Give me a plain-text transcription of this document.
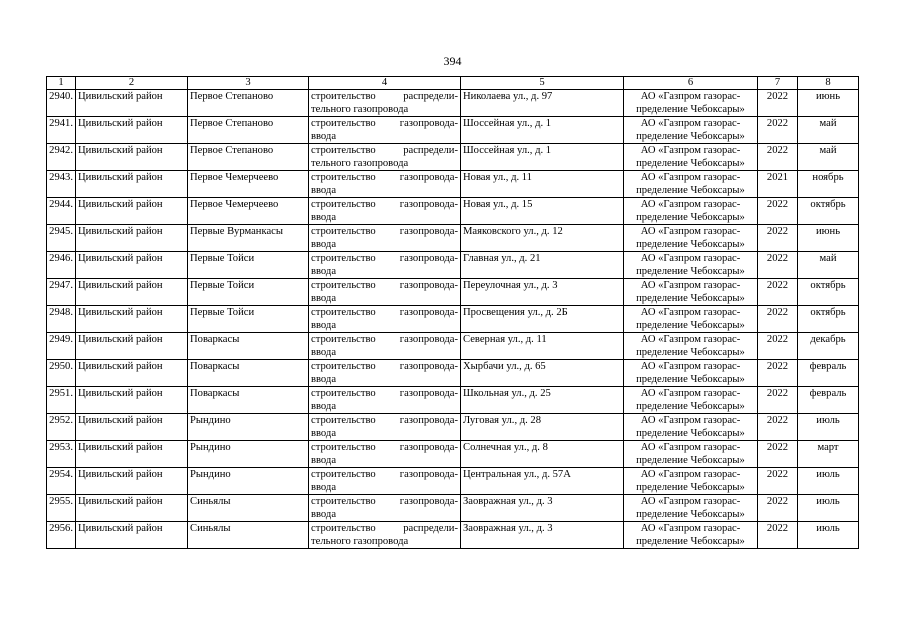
394
1	2	3	4	5	6	7	8
2940.	Цивильский район	Первое Степаново	строительство распредели-
тельного газопровода	Николаева ул., д. 97	АО «Газпром газорас-
пределение Чебоксары»	2022	июнь
2941.	Цивильский район	Первое Степаново	строительство газопровода-
ввода	Шоссейная ул., д. 1	АО «Газпром газорас-
пределение Чебоксары»	2022	май
2942.	Цивильский район	Первое Степаново	строительство распредели-
тельного газопровода	Шоссейная ул., д. 1	АО «Газпром газорас-
пределение Чебоксары»	2022	май
2943.	Цивильский район	Первое Чемерчеево	строительство газопровода-
ввода	Новая ул., д. 11	АО «Газпром газорас-
пределение Чебоксары»	2021	ноябрь
2944.	Цивильский район	Первое Чемерчеево	строительство газопровода-
ввода	Новая ул., д. 15	АО «Газпром газорас-
пределение Чебоксары»	2022	октябрь
2945.	Цивильский район	Первые Вурманкасы	строительство газопровода-
ввода	Маяковского ул., д. 12	АО «Газпром газорас-
пределение Чебоксары»	2022	июнь
2946.	Цивильский район	Первые Тойси	строительство газопровода-
ввода	Главная ул., д. 21	АО «Газпром газорас-
пределение Чебоксары»	2022	май
2947.	Цивильский район	Первые Тойси	строительство газопровода-
ввода	Переулочная ул., д. 3	АО «Газпром газорас-
пределение Чебоксары»	2022	октябрь
2948.	Цивильский район	Первые Тойси	строительство газопровода-
ввода	Просвещения ул., д. 2Б	АО «Газпром газорас-
пределение Чебоксары»	2022	октябрь
2949.	Цивильский район	Поваркасы	строительство газопровода-
ввода	Северная ул., д. 11	АО «Газпром газорас-
пределение Чебоксары»	2022	декабрь
2950.	Цивильский район	Поваркасы	строительство газопровода-
ввода	Хырбачи ул., д. 65	АО «Газпром газорас-
пределение Чебоксары»	2022	февраль
2951.	Цивильский район	Поваркасы	строительство газопровода-
ввода	Школьная ул., д. 25	АО «Газпром газорас-
пределение Чебоксары»	2022	февраль
2952.	Цивильский район	Рындино	строительство газопровода-
ввода	Луговая ул., д. 28	АО «Газпром газорас-
пределение Чебоксары»	2022	июль
2953.	Цивильский район	Рындино	строительство газопровода-
ввода	Солнечная ул., д. 8	АО «Газпром газорас-
пределение Чебоксары»	2022	март
2954.	Цивильский район	Рындино	строительство газопровода-
ввода	Центральная ул., д. 57А	АО «Газпром газорас-
пределение Чебоксары»	2022	июль
2955.	Цивильский район	Синьялы	строительство газопровода-
ввода	Заовражная ул., д. 3	АО «Газпром газорас-
пределение Чебоксары»	2022	июль
2956.	Цивильский район	Синьялы	строительство распредели-
тельного газопровода	Заовражная ул., д. 3	АО «Газпром газорас-
пределение Чебоксары»	2022	июль
